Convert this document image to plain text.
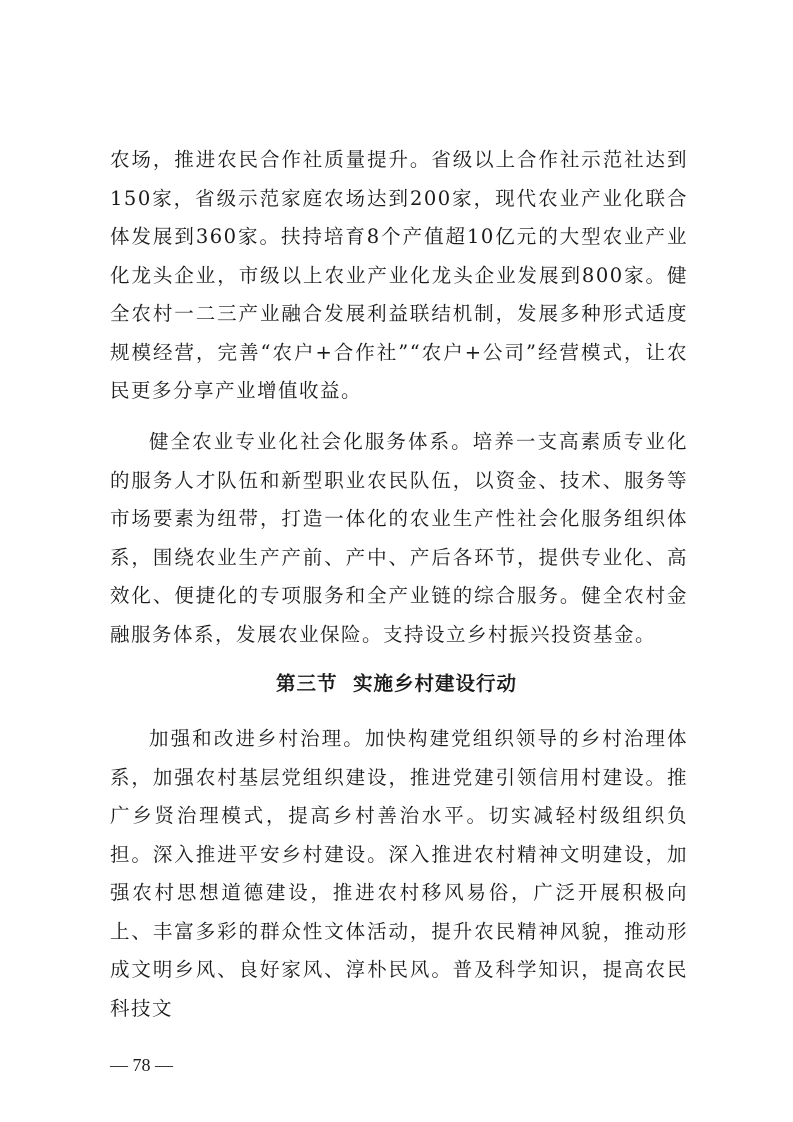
农场，推进农民合作社质量提升。省级以上合作社示范社达到150家，省级示范家庭农场达到200家，现代农业产业化联合体发展到360家。扶持培育8个产值超10亿元的大型农业产业化龙头企业，市级以上农业产业化龙头企业发展到800家。健全农村一二三产业融合发展利益联结机制，发展多种形式适度规模经营，完善“农户+合作社”“农户+公司”经营模式，让农民更多分享产业增值收益。

健全农业专业化社会化服务体系。培养一支高素质专业化的服务人才队伍和新型职业农民队伍，以资金、技术、服务等市场要素为纽带，打造一体化的农业生产性社会化服务组织体系，围绕农业生产产前、产中、产后各环节，提供专业化、高效化、便捷化的专项服务和全产业链的综合服务。健全农村金融服务体系，发展农业保险。支持设立乡村振兴投资基金。

第三节  实施乡村建设行动

加强和改进乡村治理。加快构建党组织领导的乡村治理体系，加强农村基层党组织建设，推进党建引领信用村建设。推广乡贤治理模式，提高乡村善治水平。切实减轻村级组织负担。深入推进平安乡村建设。深入推进农村精神文明建设，加强农村思想道德建设，推进农村移风易俗，广泛开展积极向上、丰富多彩的群众性文体活动，提升农民精神风貌，推动形成文明乡风、良好家风、淳朴民风。普及科学知识，提高农民科技文

— 78 —
